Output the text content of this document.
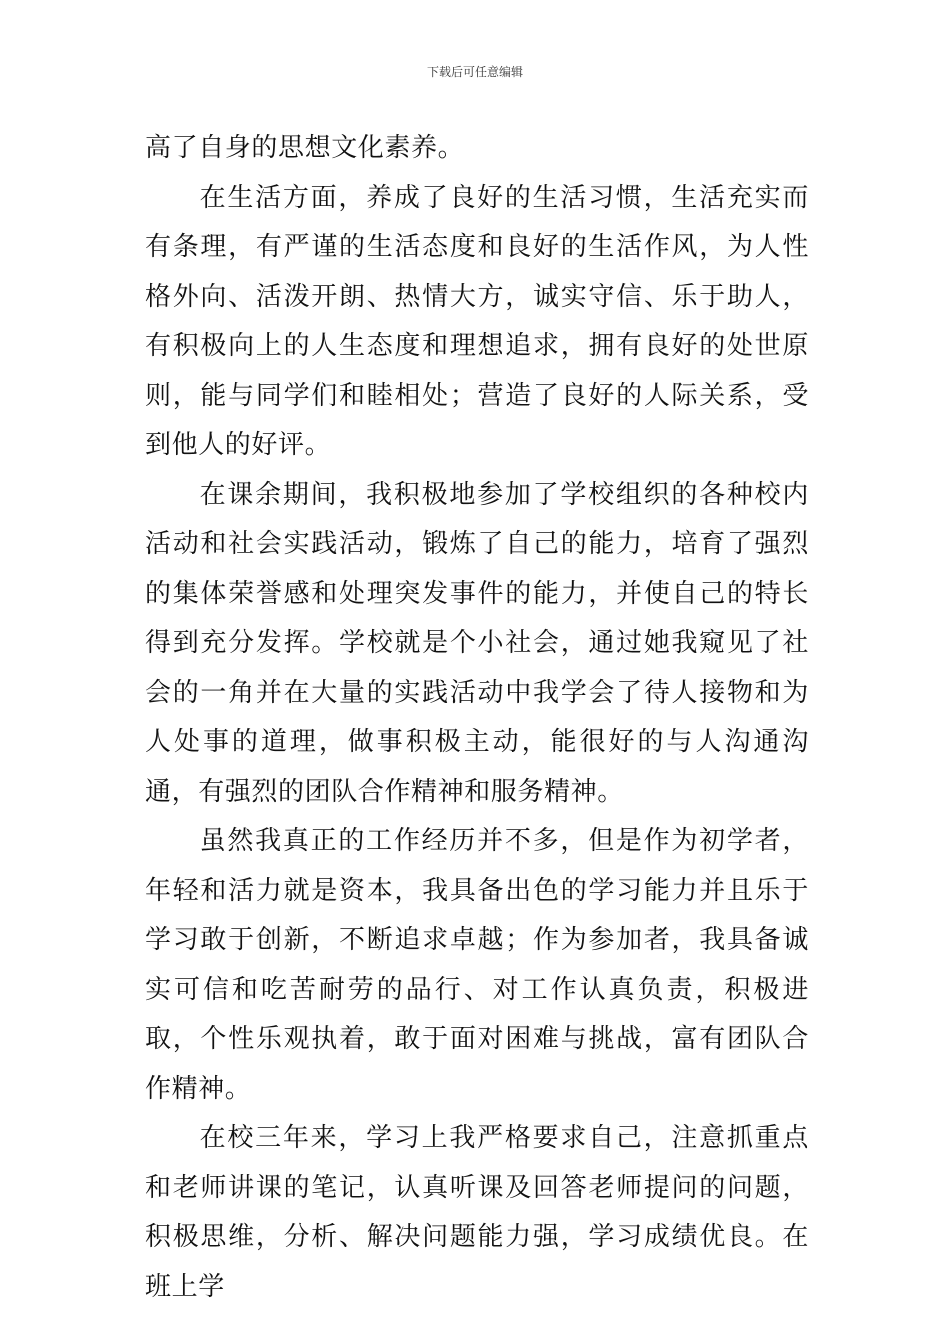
下载后可任意编辑

高了自身的思想文化素养。

在生活方面，养成了良好的生活习惯，生活充实而有条理，有严谨的生活态度和良好的生活作风，为人性格外向、活泼开朗、热情大方，诚实守信、乐于助人，有积极向上的人生态度和理想追求，拥有良好的处世原则，能与同学们和睦相处；营造了良好的人际关系，受到他人的好评。

在课余期间，我积极地参加了学校组织的各种校内活动和社会实践活动，锻炼了自己的能力，培育了强烈的集体荣誉感和处理突发事件的能力，并使自己的特长得到充分发挥。学校就是个小社会，通过她我窥见了社会的一角并在大量的实践活动中我学会了待人接物和为人处事的道理，做事积极主动，能很好的与人沟通沟通，有强烈的团队合作精神和服务精神。

虽然我真正的工作经历并不多，但是作为初学者，年轻和活力就是资本，我具备出色的学习能力并且乐于学习敢于创新，不断追求卓越；作为参加者，我具备诚实可信和吃苦耐劳的品行、对工作认真负责，积极进取，个性乐观执着，敢于面对困难与挑战，富有团队合作精神。

在校三年来，学习上我严格要求自己，注意抓重点和老师讲课的笔记，认真听课及回答老师提问的问题，积极思维，分析、解决问题能力强，学习成绩优良。在班上学
